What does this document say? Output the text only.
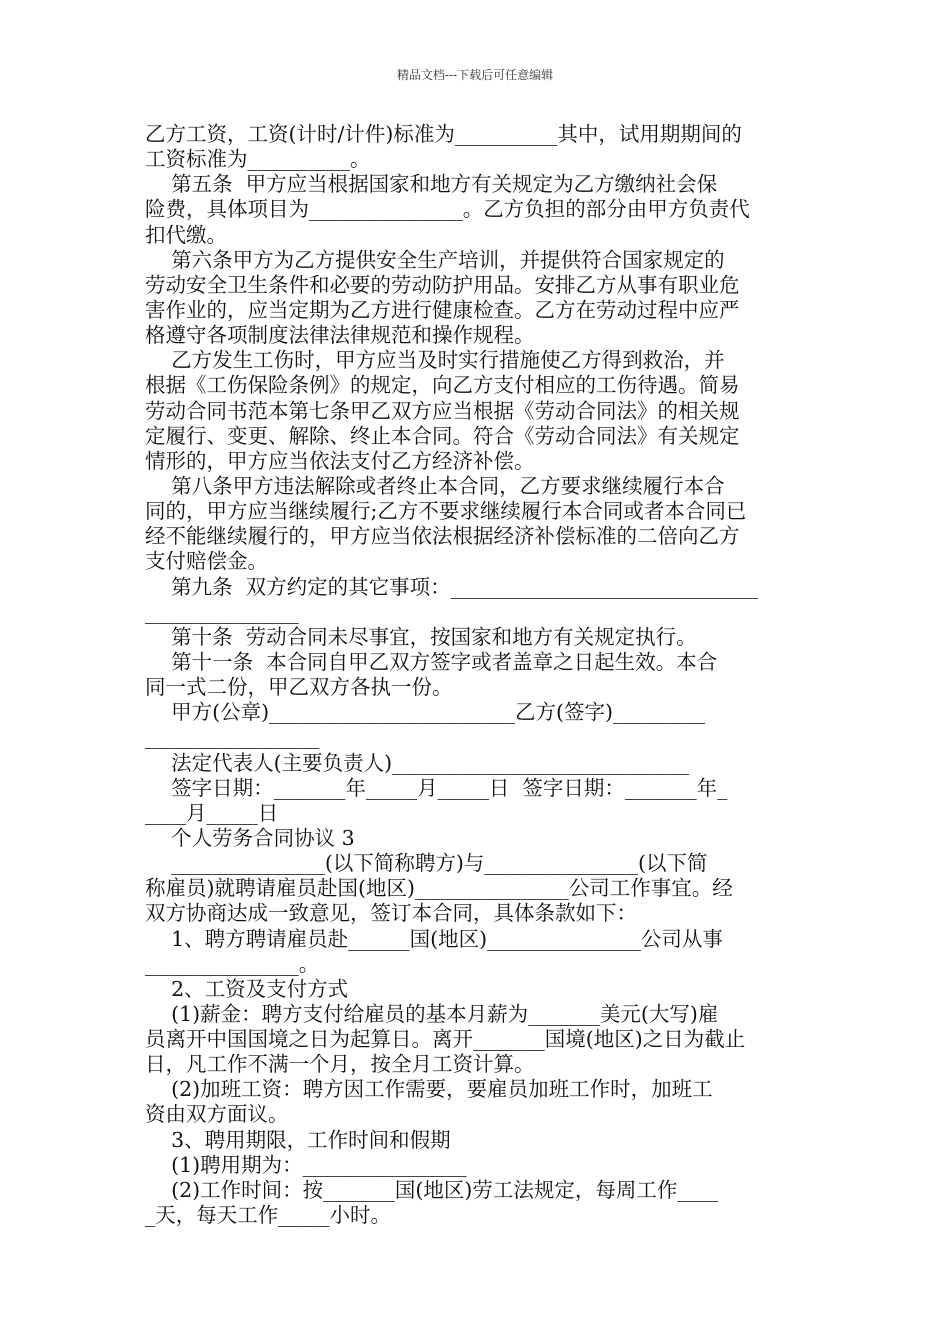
精品文档---下载后可任意编辑
乙方工资，工资(计时/计件)标准为__________其中，试用期期间的
工资标准为__________。
第五条  甲方应当根据国家和地方有关规定为乙方缴纳社会保
险费，具体项目为_______________。乙方负担的部分由甲方负责代
扣代缴。
第六条甲方为乙方提供安全生产培训，并提供符合国家规定的
劳动安全卫生条件和必要的劳动防护用品。安排乙方从事有职业危
害作业的，应当定期为乙方进行健康检查。乙方在劳动过程中应严
格遵守各项制度法律法律规范和操作规程。
乙方发生工伤时，甲方应当及时实行措施使乙方得到救治，并
根据《工伤保险条例》的规定，向乙方支付相应的工伤待遇。简易
劳动合同书范本第七条甲乙双方应当根据《劳动合同法》的相关规
定履行、变更、解除、终止本合同。符合《劳动合同法》有关规定
情形的，甲方应当依法支付乙方经济补偿。
第八条甲方违法解除或者终止本合同，乙方要求继续履行本合
同的，甲方应当继续履行;乙方不要求继续履行本合同或者本合同已
经不能继续履行的，甲方应当依法根据经济补偿标准的二倍向乙方
支付赔偿金。
第九条  双方约定的其它事项：______________________________
_______________
第十条  劳动合同未尽事宜，按国家和地方有关规定执行。
第十一条  本合同自甲乙双方签字或者盖章之日起生效。本合
同一式二份，甲乙双方各执一份。
甲方(公章)________________________乙方(签字)_________
_________________
法定代表人(主要负责人)_____________________________
签字日期：_______年_____月_____日  签字日期：_______年_
____月_____日
个人劳务合同协议 3
_______________(以下简称聘方)与_______________(以下简
称雇员)就聘请雇员赴国(地区)_______________公司工作事宜。经
双方协商达成一致意见，签订本合同，具体条款如下：
1、聘方聘请雇员赴______国(地区)_______________公司从事
_______________。
2、工资及支付方式
(1)薪金：聘方支付给雇员的基本月薪为_______美元(大写)雇
员离开中国国境之日为起算日。离开_______国境(地区)之日为截止
日，凡工作不满一个月，按全月工资计算。
(2)加班工资：聘方因工作需要，要雇员加班工作时，加班工
资由双方面议。
3、聘用期限，工作时间和假期
(1)聘用期为：________________
(2)工作时间：按_______国(地区)劳工法规定，每周工作____
_天，每天工作_____小时。
